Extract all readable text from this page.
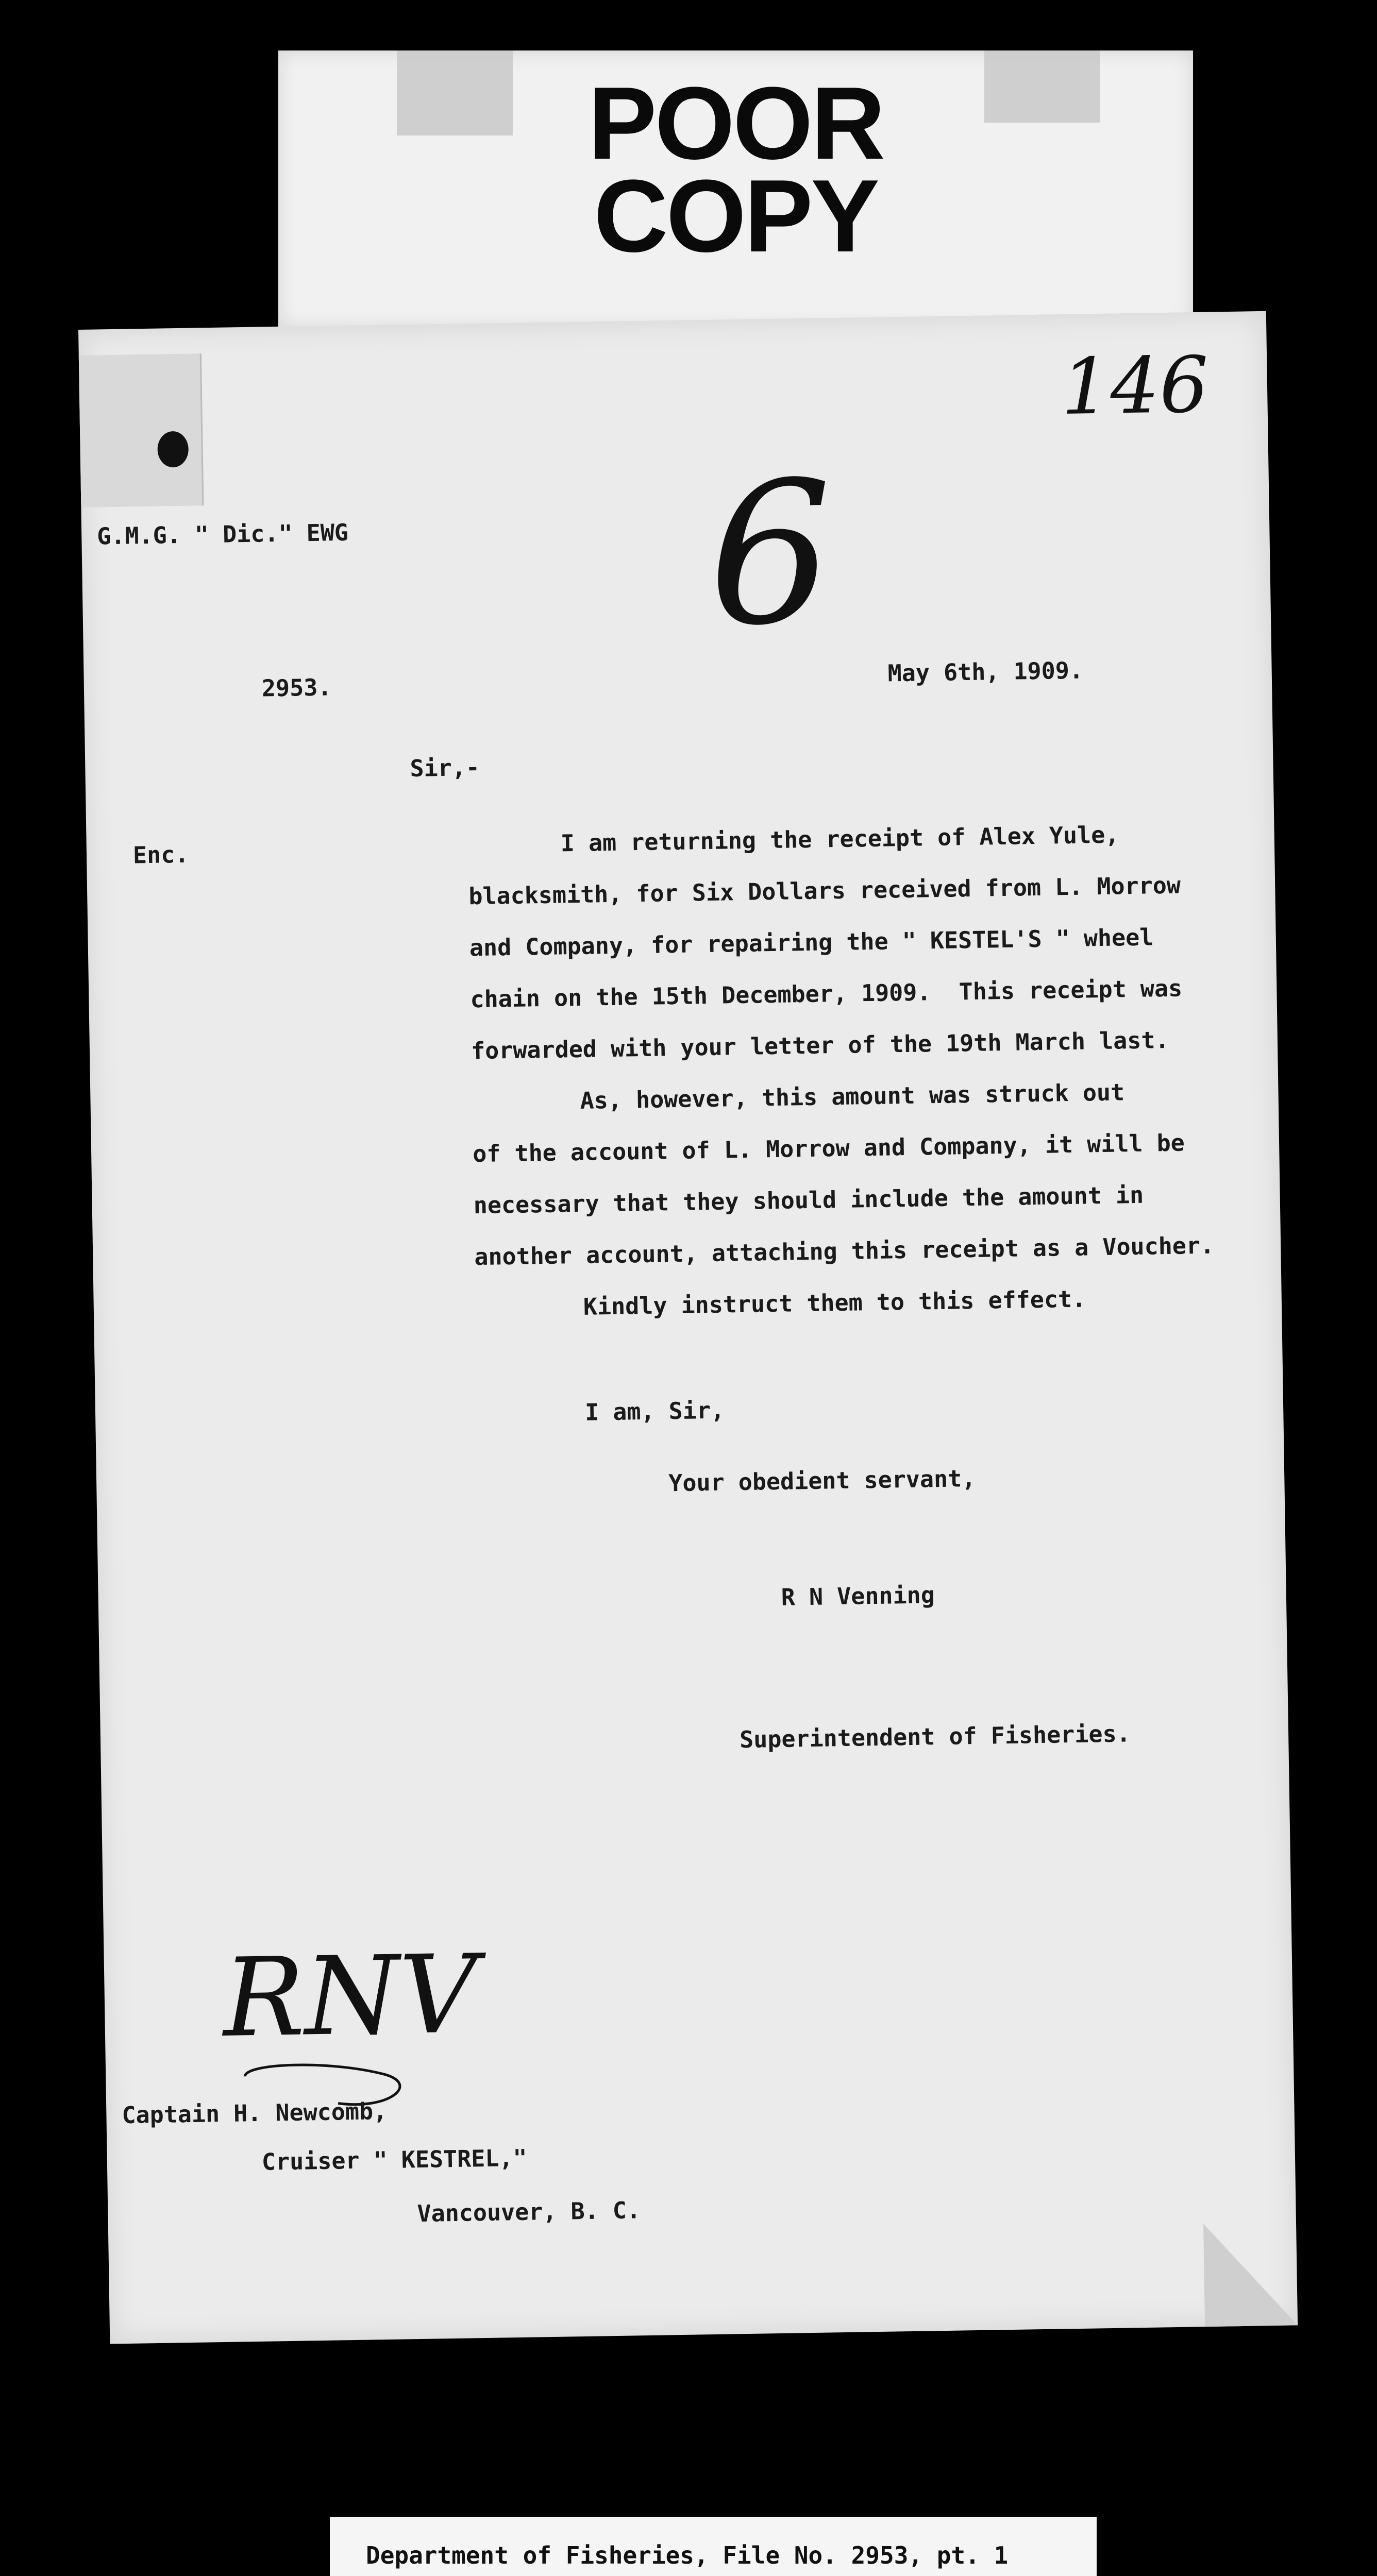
POOR
COPY
146
6
G.M.G. " Dic." EWG
2953.
May 6th, 1909.
Sir,-
Enc.	I am returning the receipt of Alex Yule,
blacksmith, for Six Dollars received from L. Morrow
and Company, for repairing the " KESTEL'S " wheel
chain on the 15th December, 1909.  This receipt was
forwarded with your letter of the 19th March last.
As, however, this amount was struck out
of the account of L. Morrow and Company, it will be
necessary that they should include the amount in
another account, attaching this receipt as a Voucher.
Kindly instruct them to this effect.
I am, Sir,
Your obedient servant,
R N Venning
Superintendent of Fisheries.
RNV
Captain H. Newcomb,
Cruiser " KESTREL,"
Vancouver, B. C.
Department of Fisheries, File No. 2953, pt. 1
